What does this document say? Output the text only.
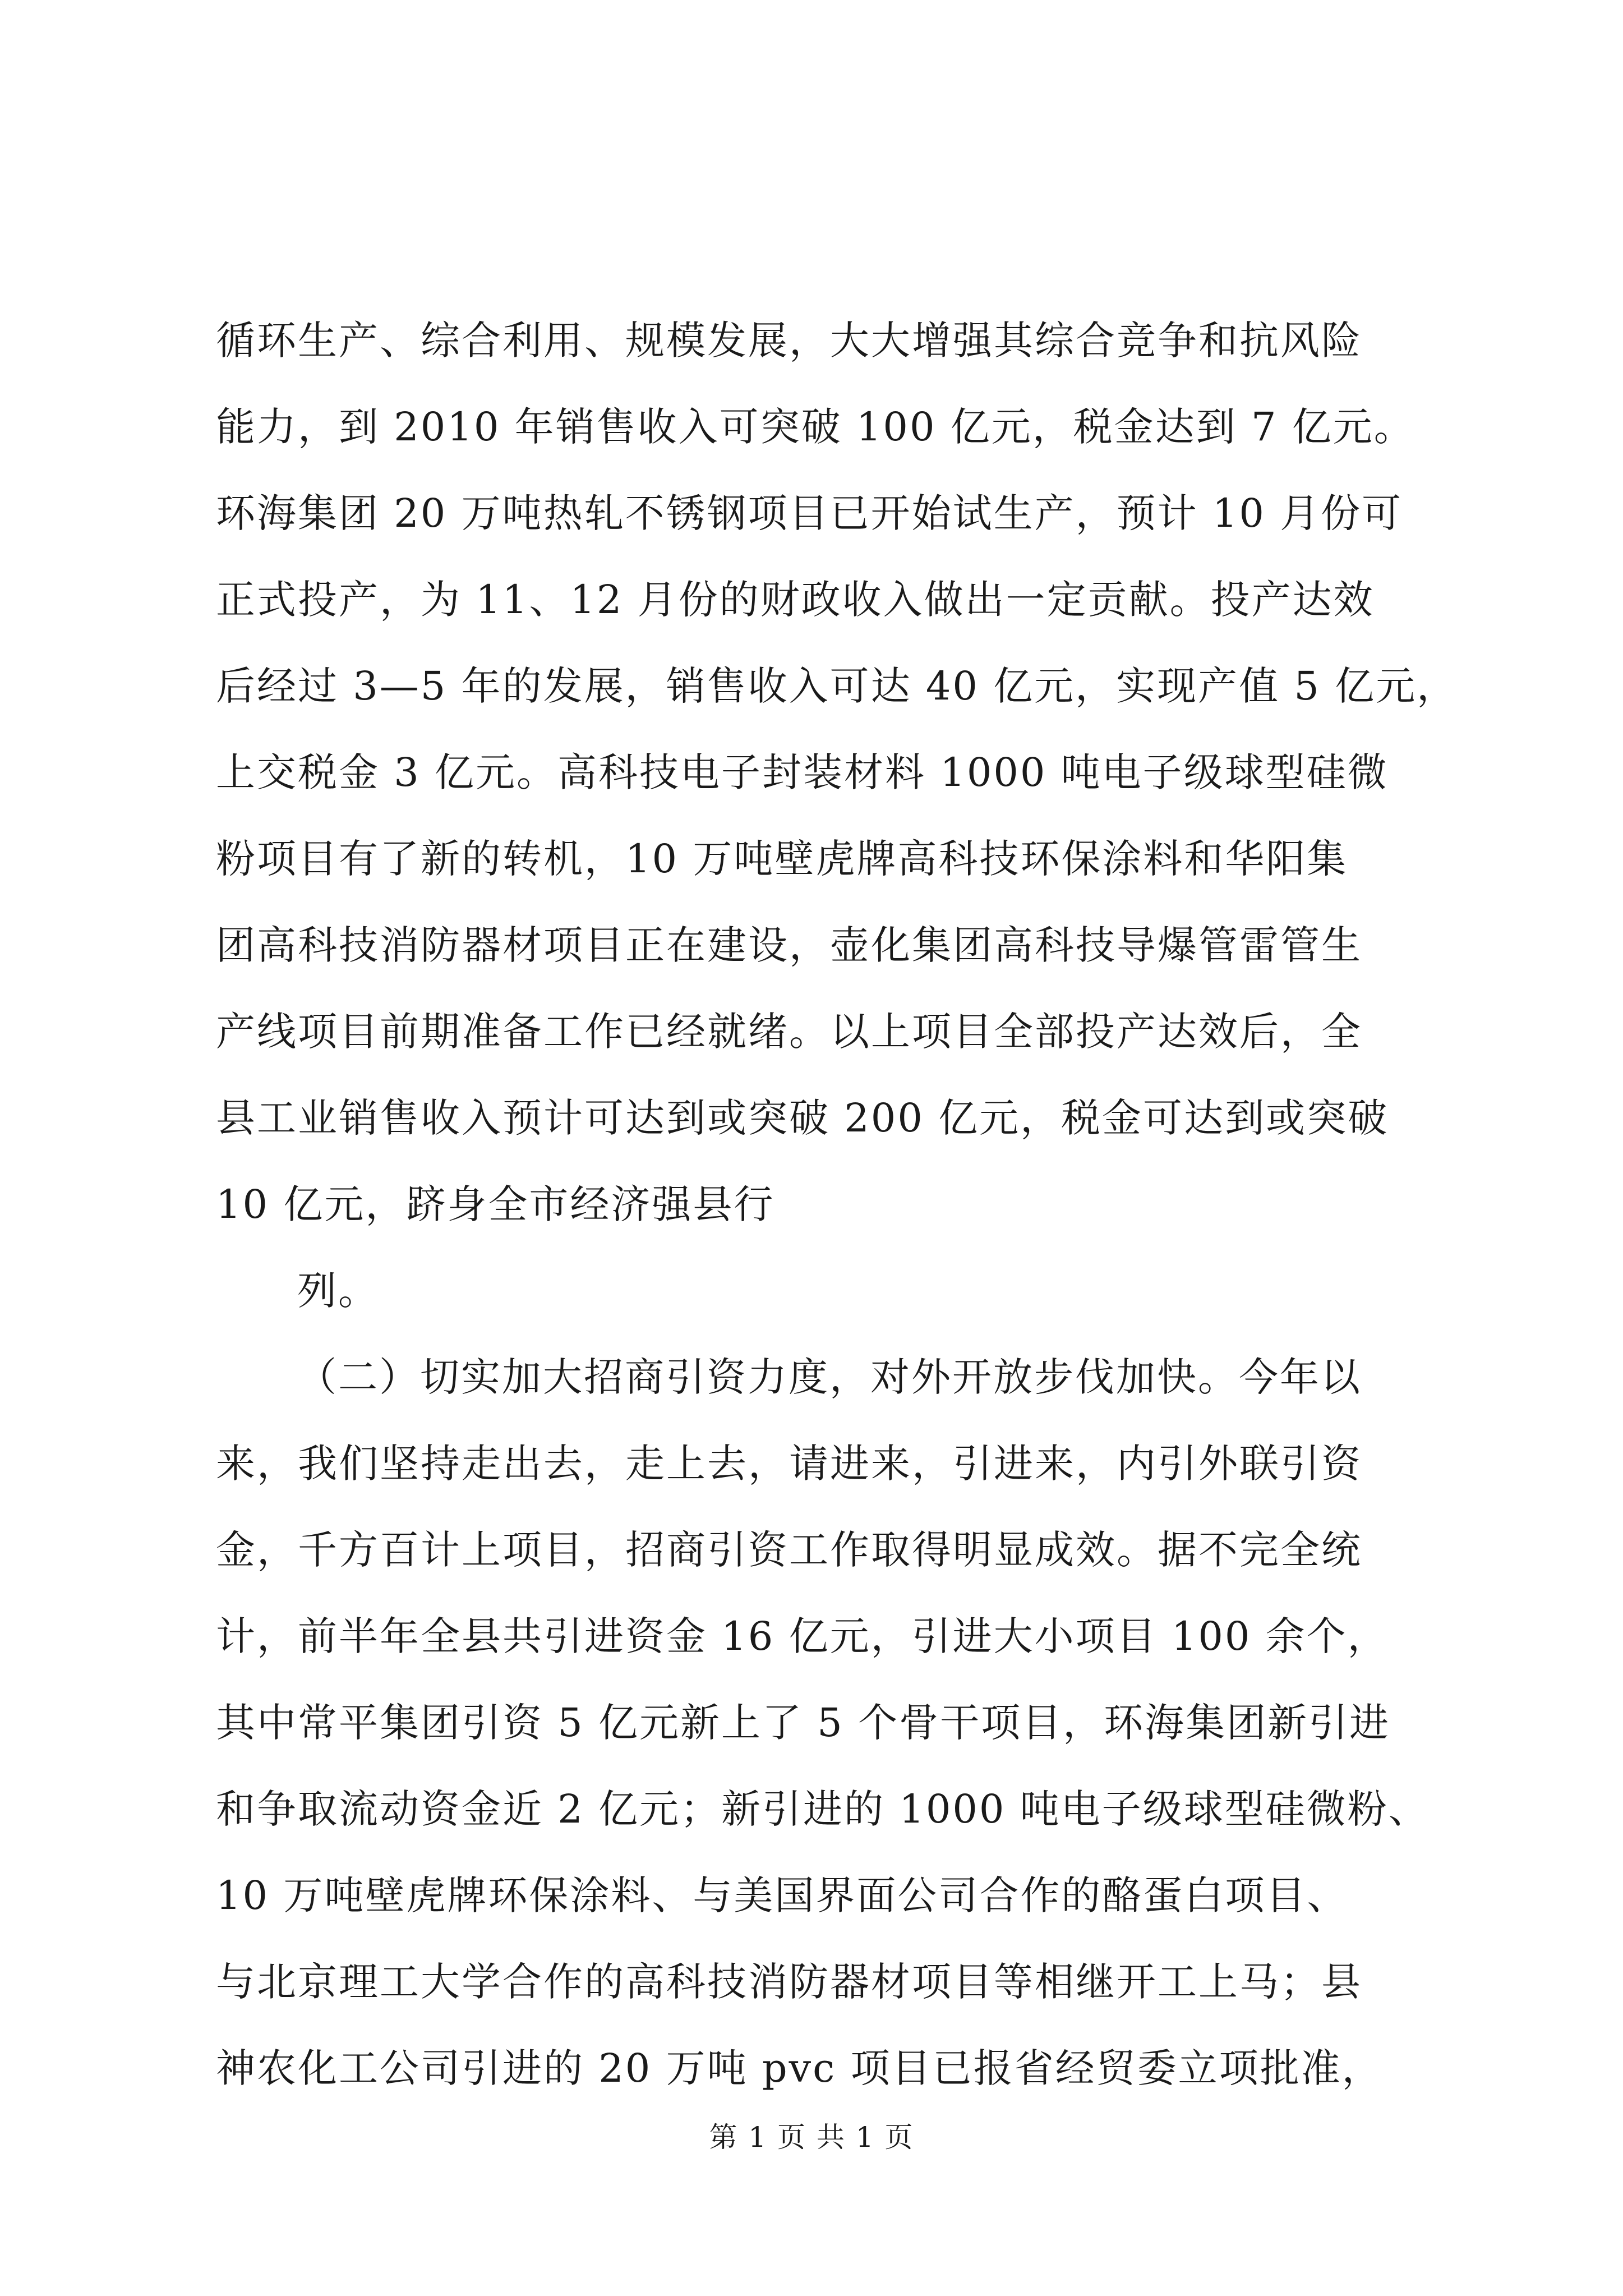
循环生产、综合利用、规模发展，大大增强其综合竞争和抗风险
能力，到 2010 年销售收入可突破 100 亿元，税金达到 7 亿元。
环海集团 20 万吨热轧不锈钢项目已开始试生产，预计 10 月份可
正式投产，为 11、12 月份的财政收入做出一定贡献。投产达效
后经过 3—5 年的发展，销售收入可达 40 亿元，实现产值 5 亿元，
上交税金 3 亿元。高科技电子封装材料 1000 吨电子级球型硅微
粉项目有了新的转机，10 万吨壁虎牌高科技环保涂料和华阳集
团高科技消防器材项目正在建设，壶化集团高科技导爆管雷管生
产线项目前期准备工作已经就绪。以上项目全部投产达效后，全
县工业销售收入预计可达到或突破 200 亿元，税金可达到或突破
10 亿元，跻身全市经济强县行
列。
（二）切实加大招商引资力度，对外开放步伐加快。今年以
来，我们坚持走出去，走上去，请进来，引进来，内引外联引资
金，千方百计上项目，招商引资工作取得明显成效。据不完全统
计，前半年全县共引进资金 16 亿元，引进大小项目 100 余个，
其中常平集团引资 5 亿元新上了 5 个骨干项目，环海集团新引进
和争取流动资金近 2 亿元；新引进的 1000 吨电子级球型硅微粉、
10 万吨壁虎牌环保涂料、与美国界面公司合作的酪蛋白项目、
与北京理工大学合作的高科技消防器材项目等相继开工上马；县
神农化工公司引进的 20 万吨 pvc 项目已报省经贸委立项批准，
第 1 页 共 1 页
